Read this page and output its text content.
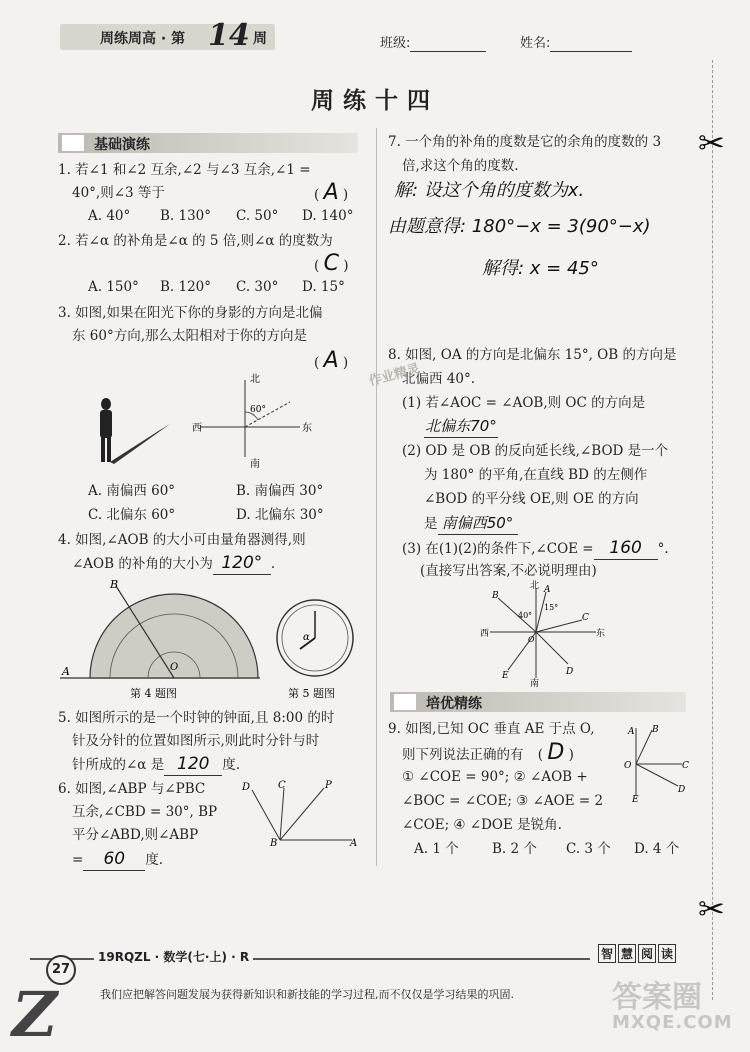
周练周高 · 第 14 周	班级:	姓名:
周练十四
✂
✂
基础演练
1. 若∠1 和∠2 互余,∠2 与∠3 互余,∠1 =
40°,则∠3 等于	( A )
A. 40° B. 130° C. 50° D. 140°
2. 若∠α 的补角是∠α 的 5 倍,则∠α 的度数为
( C )
A. 150° B. 120° C. 30° D. 15°
3. 如图,如果在阳光下你的身影的方向是北偏
东 60°方向,那么太阳相对于你的方向是
( A )
北
南
西	东
60°
A. 南偏西 60°	B. 南偏西 30°
C. 北偏东 60°	D. 北偏东 30°
4. 如图,∠AOB 的大小可由量角器测得,则
∠AOB 的补角的大小为 120° .
B
A	O
第 4 题图
α
第 5 题图
5. 如图所示的是一个时钟的钟面,且 8:00 的时
针及分针的位置如图所示,则此时分针与时
针所成的∠α 是 120 度.
6. 如图,∠ABP 与∠PBC
互余,∠CBD = 30°, BP
平分∠ABD,则∠ABP
= 60 度.
D	C	P
B	A
7. 一个角的补角的度数是它的余角的度数的 3
倍,求这个角的度数.
解: 设这个角的度数为x.
由题意得: 180°−x = 3(90°−x)
解得: x = 45°
8. 如图, OA 的方向是北偏东 15°, OB 的方向是
北偏西 40°.
(1) 若∠AOC = ∠AOB,则 OC 的方向是
北偏东70°
(2) OD 是 OB 的反向延长线,∠BOD 是一个
为 180° 的平角,在直线 BD 的左侧作
∠BOD 的平分线 OE,则 OE 的方向
是 南偏西50°
(3) 在(1)(2)的条件下,∠COE = 160 °.
(直接写出答案,不必说明理由)
北
南
西	东
40°
15°
B
A
C
D
E
O
培优精练
9. 如图,已知 OC 垂直 AE 于点 O,
则下列说法正确的有 ( D )
① ∠COE = 90°; ② ∠AOB +
∠BOC = ∠COE; ③ ∠AOE = 2
∠COE; ④ ∠DOE 是锐角.
A. 1 个 B. 2 个 C. 3 个 D. 4 个
A B
O	C
D
E
作业精灵
27
19RQZL · 数学(七·上) · R	智 慧 阅 读
Z	我们应把解答问题发展为获得新知识和新技能的学习过程,而不仅仅是学习结果的巩固.	答案圈
MXQE.COM
